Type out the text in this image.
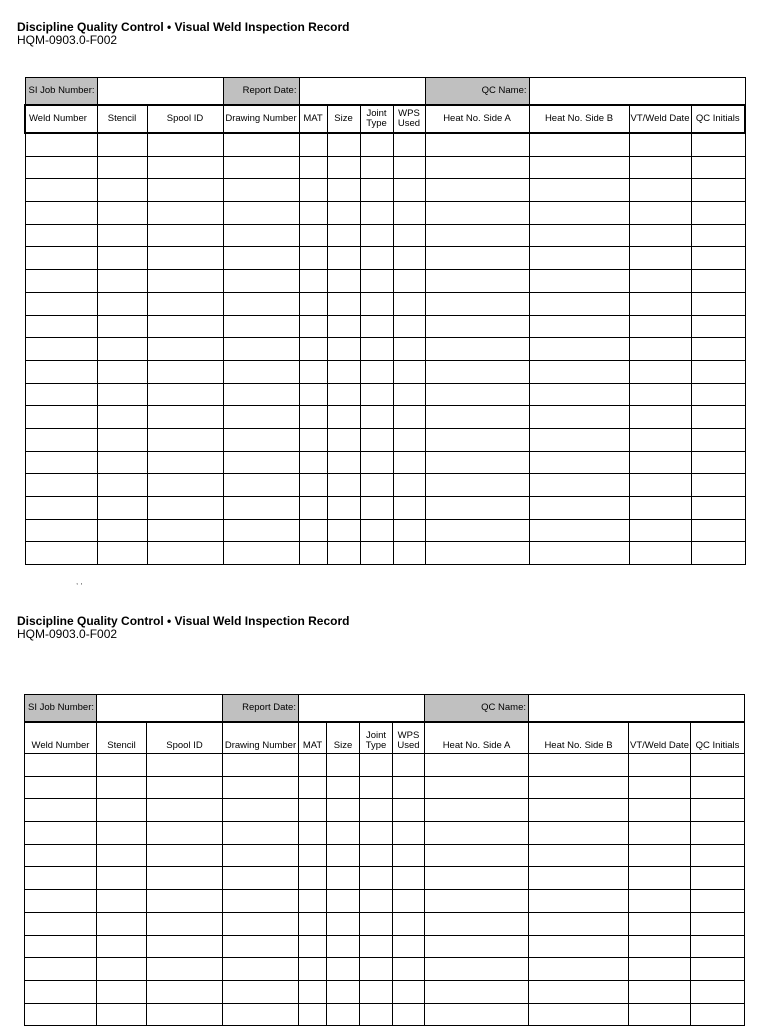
Discipline Quality Control • Visual Weld Inspection Record
HQM-0903.0-F002
SI Job Number:			Report Date:					QC Name:			
Weld Number	Stencil	Spool ID	Drawing Number	MAT	Size	Joint Type	WPS Used	Heat No. Side A	Heat No. Side B	VT/Weld Date	QC Initials

, ,
Discipline Quality Control • Visual Weld Inspection Record
HQM-0903.0-F002
SI Job Number:			Report Date:					QC Name:			
Weld Number	Stencil	Spool ID	Drawing Number	MAT	Size	Joint Type	WPS Used	Heat No. Side A	Heat No. Side B	VT/Weld Date	QC Initials
